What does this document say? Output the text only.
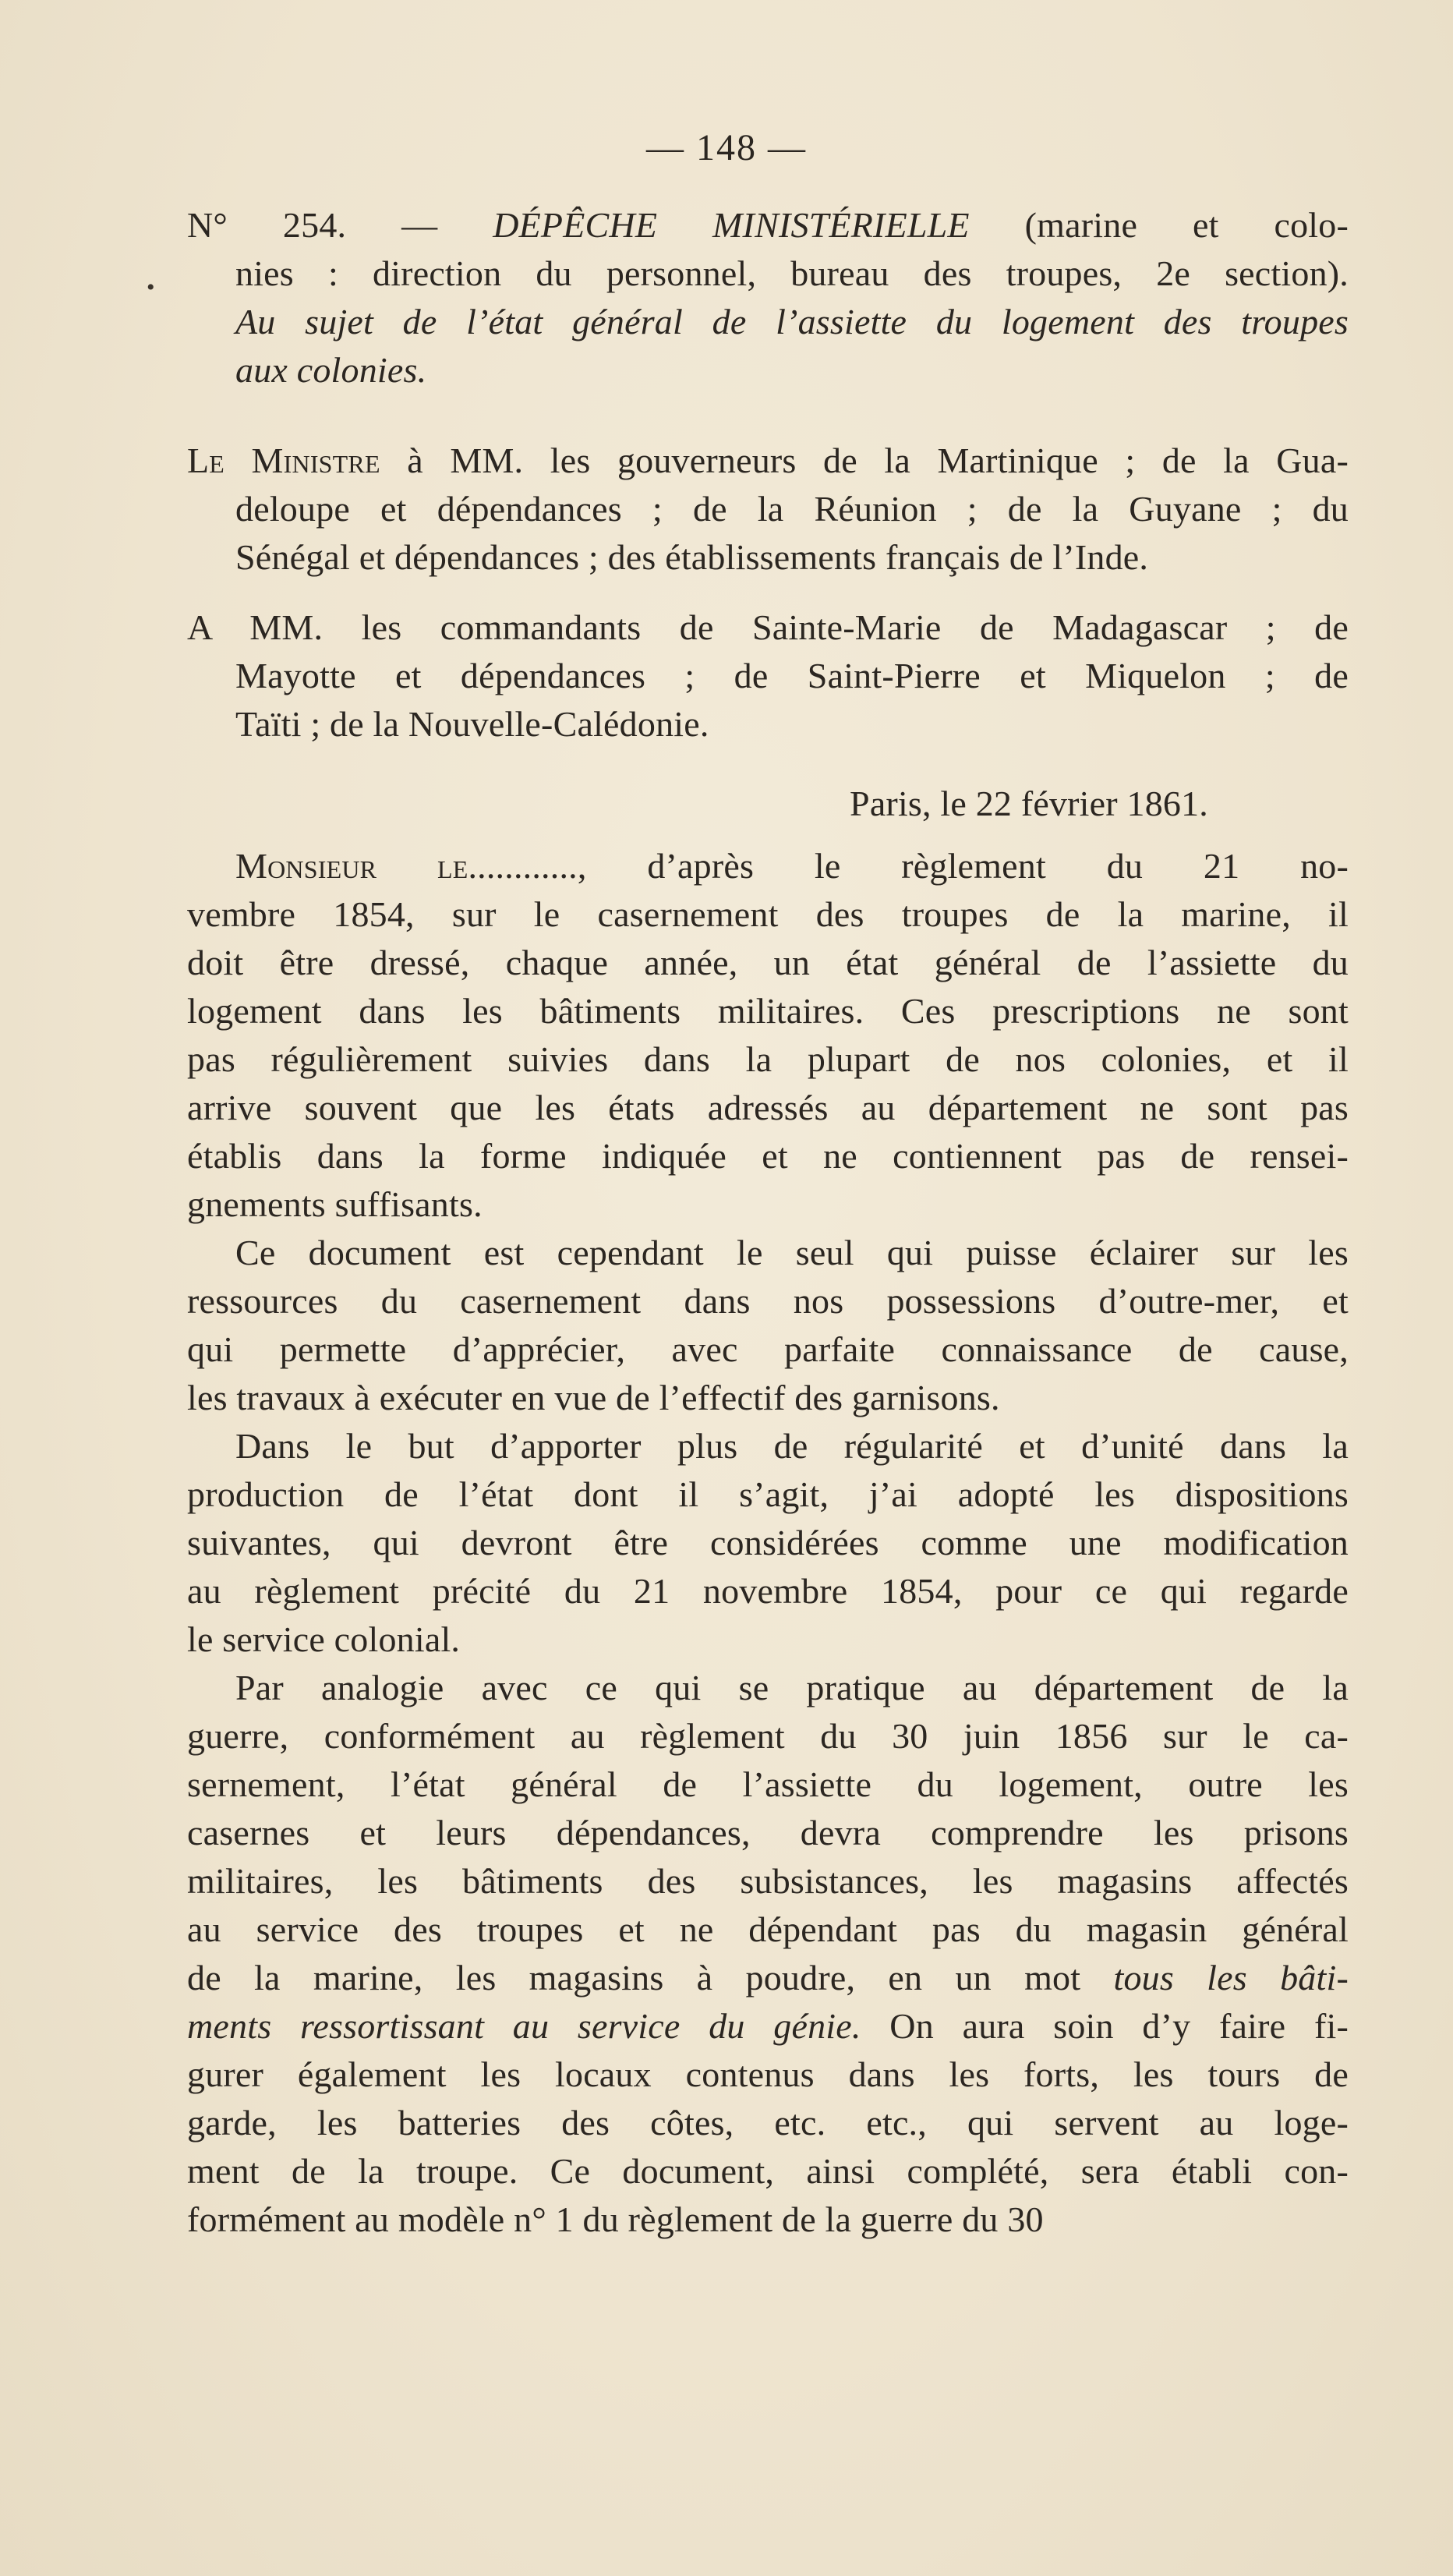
— 148 —
•
N° 254. — DÉPÊCHE MINISTÉRIELLE (marine et colo-
nies : direction du personnel, bureau des troupes, 2e section).
Au sujet de l’état général de l’assiette du logement des troupes
aux colonies.
Le Ministre à MM. les gouverneurs de la Martinique ; de la Gua-
deloupe et dépendances ; de la Réunion ; de la Guyane ; du
Sénégal et dépendances ; des établissements français de l’Inde.
A MM. les commandants de Sainte-Marie de Madagascar ; de
Mayotte et dépendances ; de Saint-Pierre et Miquelon ; de
Taïti ; de la Nouvelle-Calédonie.
Paris, le 22 février 1861.
Monsieur le............, d’après le règlement du 21 no-
vembre 1854, sur le casernement des troupes de la marine, il
doit être dressé, chaque année, un état général de l’assiette du
logement dans les bâtiments militaires. Ces prescriptions ne sont
pas régulièrement suivies dans la plupart de nos colonies, et il
arrive souvent que les états adressés au département ne sont pas
établis dans la forme indiquée et ne contiennent pas de rensei-
gnements suffisants.
Ce document est cependant le seul qui puisse éclairer sur les
ressources du casernement dans nos possessions d’outre-mer, et
qui permette d’apprécier, avec parfaite connaissance de cause,
les travaux à exécuter en vue de l’effectif des garnisons.
Dans le but d’apporter plus de régularité et d’unité dans la
production de l’état dont il s’agit, j’ai adopté les dispositions
suivantes, qui devront être considérées comme une modification
au règlement précité du 21 novembre 1854, pour ce qui regarde
le service colonial.
Par analogie avec ce qui se pratique au département de la
guerre, conformément au règlement du 30 juin 1856 sur le ca-
sernement, l’état général de l’assiette du logement, outre les
casernes et leurs dépendances, devra comprendre les prisons
militaires, les bâtiments des subsistances, les magasins affectés
au service des troupes et ne dépendant pas du magasin général
de la marine, les magasins à poudre, en un mot tous les bâti-
ments ressortissant au service du génie. On aura soin d’y faire fi-
gurer également les locaux contenus dans les forts, les tours de
garde, les batteries des côtes, etc. etc., qui servent au loge-
ment de la troupe. Ce document, ainsi complété, sera établi con-
formément au modèle n° 1 du règlement de la guerre du 30
